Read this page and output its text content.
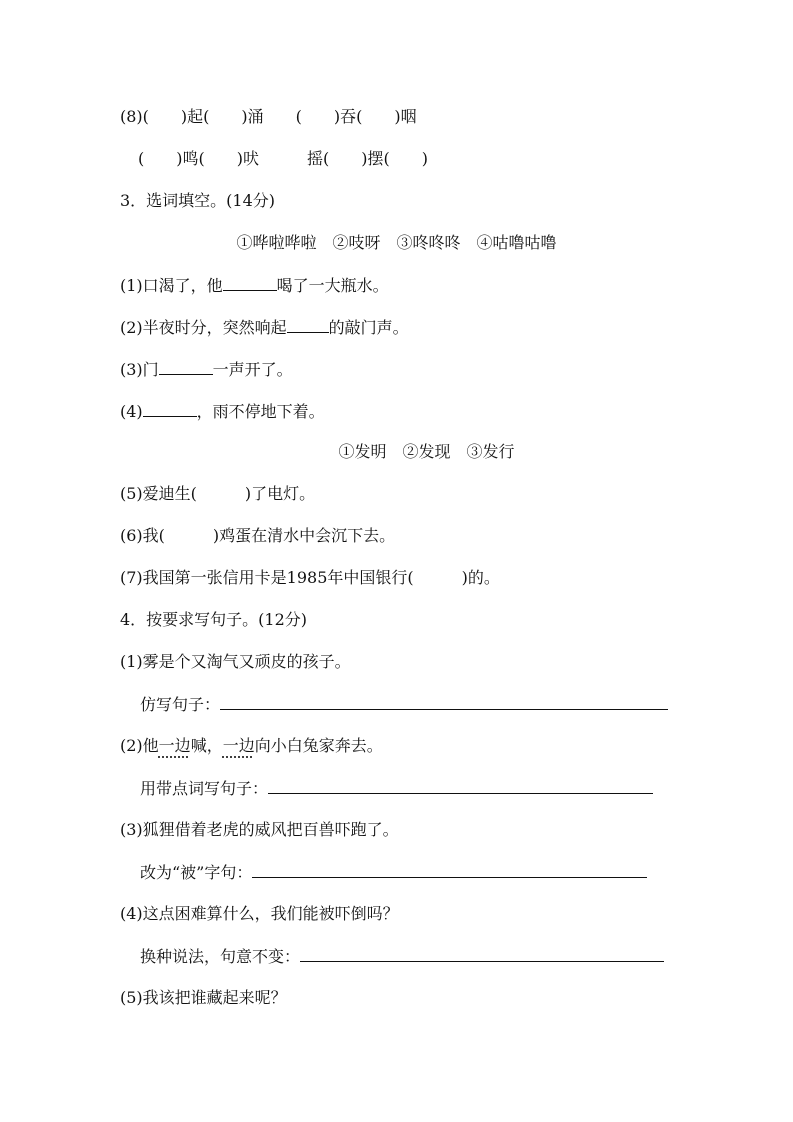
(8)(　　)起(　　)涌　　(　　)吞(　　)咽
(　　)鸣(　　)吠　　　摇(　　)摆(　　)
3．选词填空。(14分)
①哗啦哗啦　②吱呀　③咚咚咚　④咕噜咕噜
(1)口渴了，他	喝了一大瓶水。
(2)半夜时分，突然响起	的敲门声。
(3)门	一声开了。
(4)	，雨不停地下着。
①发明　②发现　③发行
(5)爱迪生(　　　)了电灯。
(6)我(　　　)鸡蛋在清水中会沉下去。
(7)我国第一张信用卡是1985年中国银行(　　　)的。
4．按要求写句子。(12分)
(1)雾是个又淘气又顽皮的孩子。
仿写句子：
(2)他一边喊，一边向小白兔家奔去。
用带点词写句子：
(3)狐狸借着老虎的威风把百兽吓跑了。
改为“被”字句：
(4)这点困难算什么，我们能被吓倒吗？
换种说法，句意不变：
(5)我该把谁藏起来呢？
